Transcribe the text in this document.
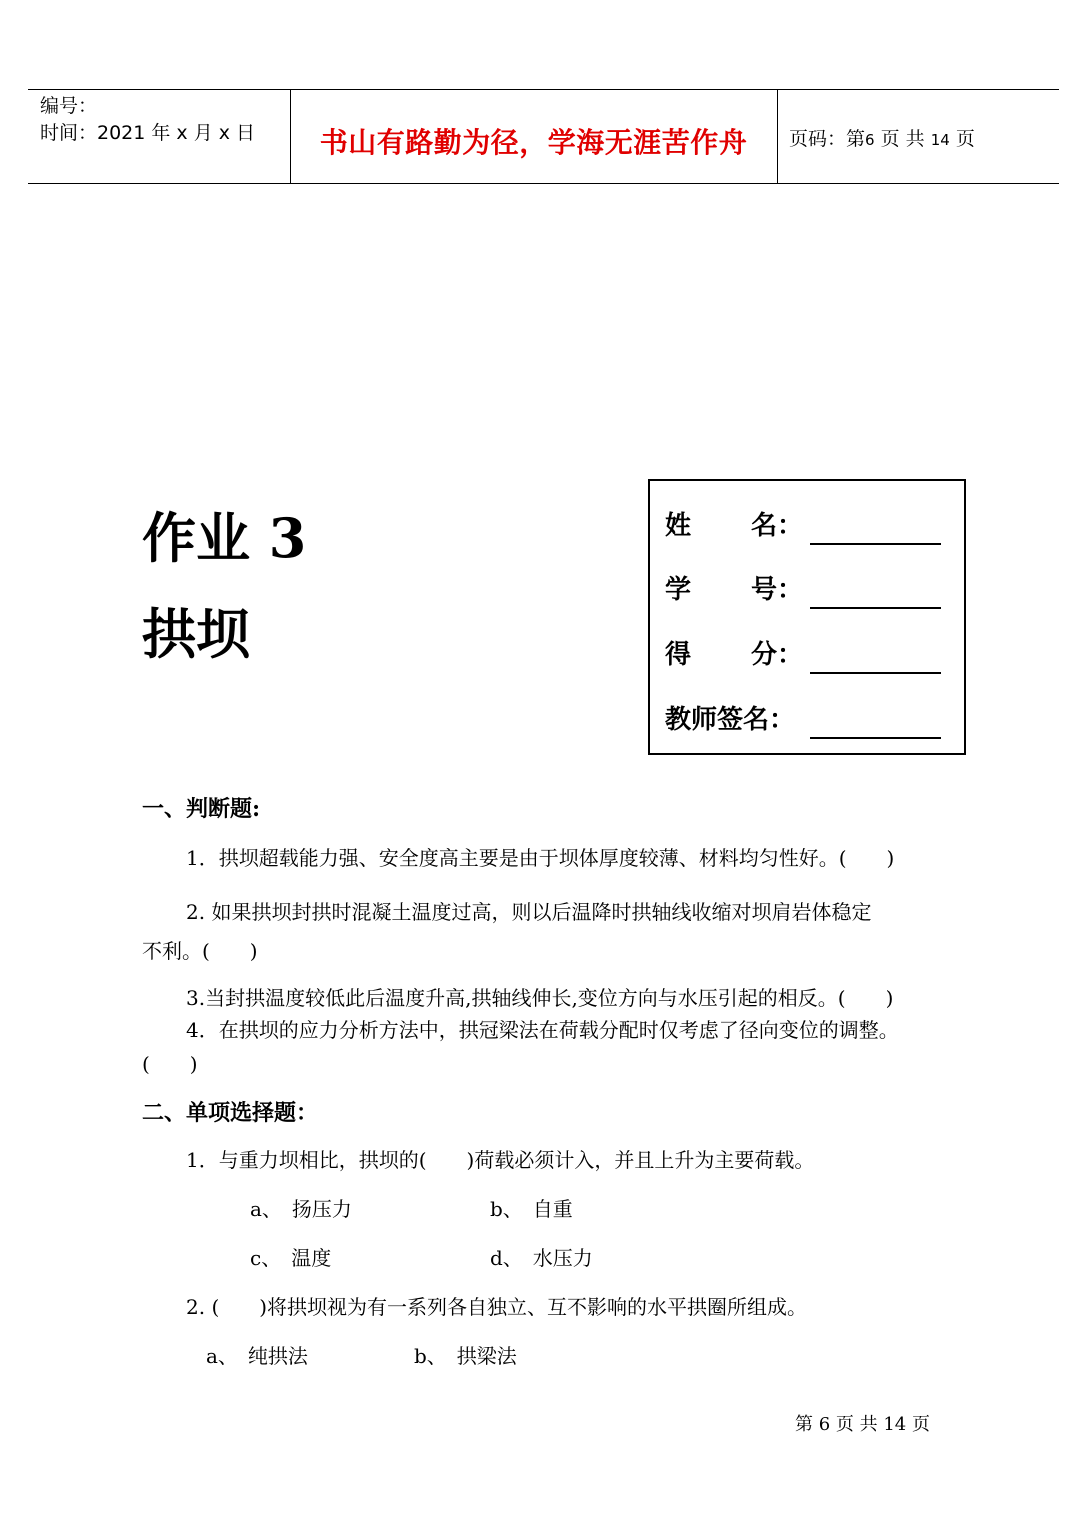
编号：
时间：2021 年 x 月 x 日	书山有路勤为径，学海无涯苦作舟	页码：第6 页 共 14 页
作业 3
拱坝
姓 名：
学 号：
得 分：
教师签名：
一、判断题:
1．拱坝超载能力强、安全度高主要是由于坝体厚度较薄、材料均匀性好。(　　)
2. 如果拱坝封拱时混凝土温度过高，则以后温降时拱轴线收缩对坝肩岩体稳定
不利。(　　)
3.当封拱温度较低此后温度升高,拱轴线伸长,变位方向与水压引起的相反。(　　)
4．在拱坝的应力分析方法中，拱冠梁法在荷载分配时仅考虑了径向变位的调整。
(　　)
二、单项选择题：
1．与重力坝相比，拱坝的(　　)荷载必须计入，并且上升为主要荷载。
a、　扬压力	b、　自重
c、　温度	d、　水压力
2. (　　)将拱坝视为有一系列各自独立、互不影响的水平拱圈所组成。
a、　纯拱法	b、　拱梁法
第 6 页 共 14 页
